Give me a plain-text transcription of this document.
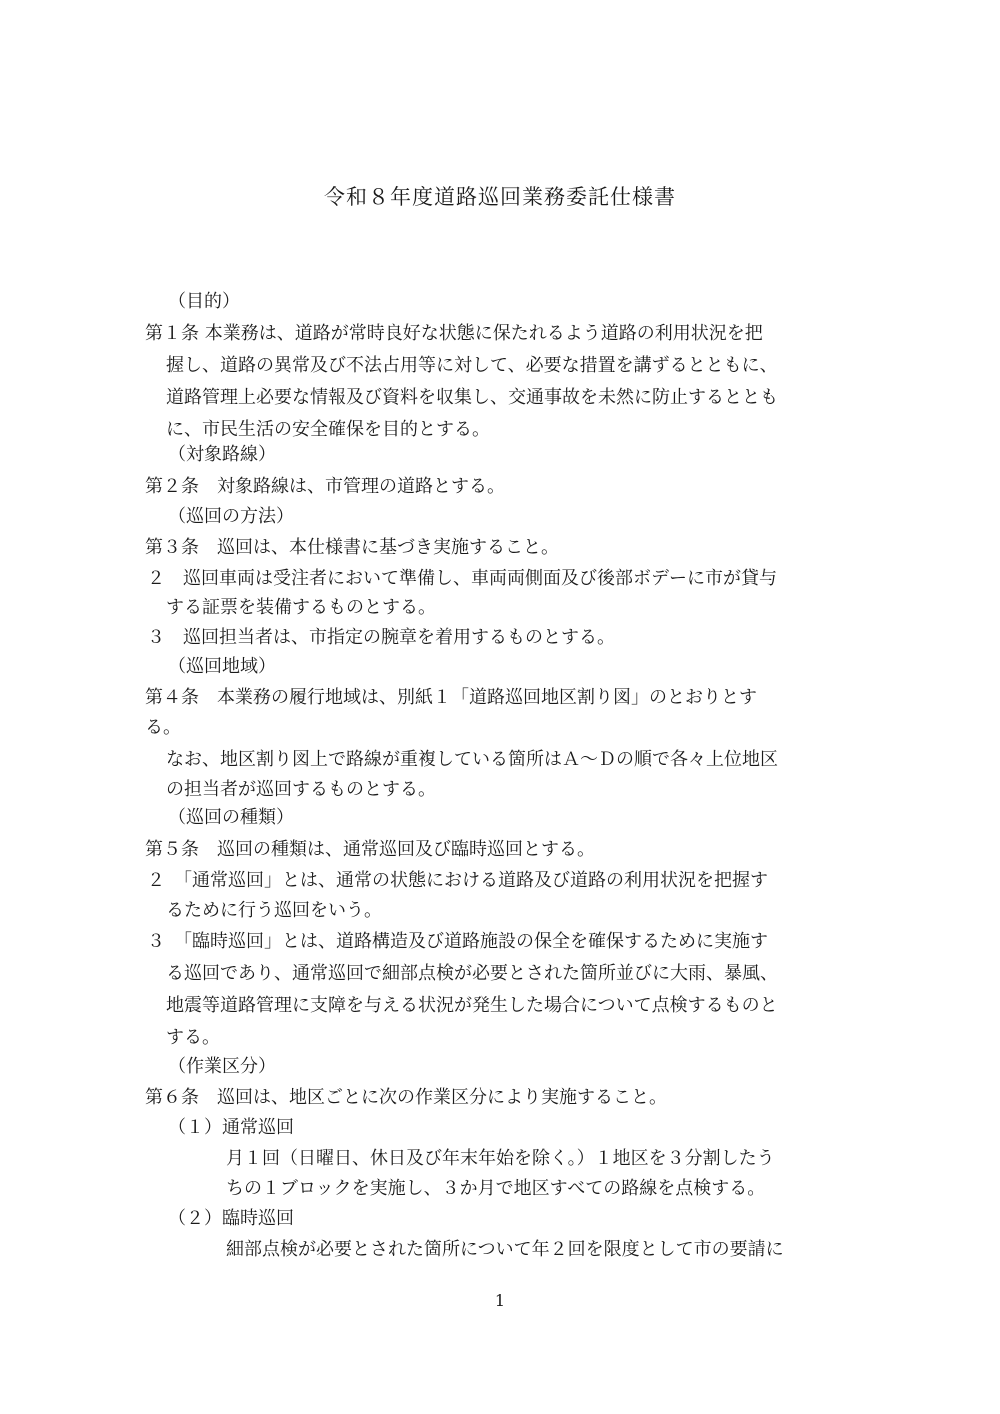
令和８年度道路巡回業務委託仕様書
（目的）
第１条 本業務は、道路が常時良好な状態に保たれるよう道路の利用状況を把
握し、道路の異常及び不法占用等に対して、必要な措置を講ずるとともに、
道路管理上必要な情報及び資料を収集し、交通事故を未然に防止するととも
に、市民生活の安全確保を目的とする。
（対象路線）
第２条　対象路線は、市管理の道路とする。
（巡回の方法）
第３条　巡回は、本仕様書に基づき実施すること。
２　巡回車両は受注者において準備し、車両両側面及び後部ボデーに市が貸与
する証票を装備するものとする。
３　巡回担当者は、市指定の腕章を着用するものとする。
（巡回地域）
第４条　本業務の履行地域は、別紙１「道路巡回地区割り図」のとおりとす
る。
なお、地区割り図上で路線が重複している箇所はＡ～Ｄの順で各々上位地区
の担当者が巡回するものとする。
（巡回の種類）
第５条　巡回の種類は、通常巡回及び臨時巡回とする。
２　「通常巡回」とは、通常の状態における道路及び道路の利用状況を把握す
るために行う巡回をいう。
３　「臨時巡回」とは、道路構造及び道路施設の保全を確保するために実施す
る巡回であり、通常巡回で細部点検が必要とされた箇所並びに大雨、暴風、
地震等道路管理に支障を与える状況が発生した場合について点検するものと
する。
（作業区分）
第６条　巡回は、地区ごとに次の作業区分により実施すること。
（１）通常巡回
月１回（日曜日、休日及び年末年始を除く。）１地区を３分割したう
ちの１ブロックを実施し、３か月で地区すべての路線を点検する。
（２）臨時巡回
細部点検が必要とされた箇所について年２回を限度として市の要請に
1
